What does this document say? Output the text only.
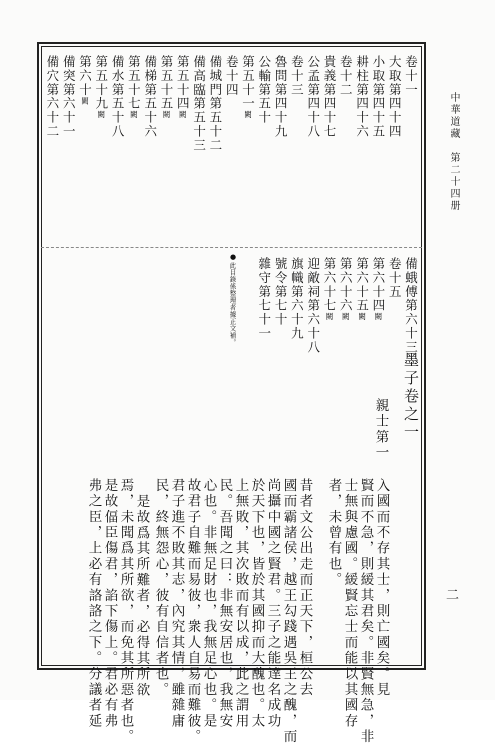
中華道藏　第二十四册
二
卷十一
大取第四十四
小取第四十五
耕柱第四十六
卷十二
貴義第四十七
公孟第四十八
卷十三
魯問第四十九
公輸第五十
第五十一闕
卷十四
備城門第五十二
備高臨第五十三
第五十四闕
第五十五闕
備梯第五十六
第五十七闕
備水第五十八
第五十九闕
第六十闕
備突第六十一
備穴第六十二
備蛾傅第六十三
卷十五
第六十四闕
第六十五闕
第六十六闕
第六十七闕
迎敵祠第六十八
旗幟第六十九
號令第七十
雜守第七十一
●
此目錄係整理者據正文補。
墨子卷之一
親士第一
入國而不存其士，則亡國矣。見
賢而不急，則緩其君矣。非賢無急，非
士無與慮國。緩賢忘士而能以其國存
者，未曾有也。
昔者文公出走而正天下，桓公去
國而霸諸侯，越王勾踐遇吳王之醜，而
尚攝中國之賢君。三子之能達名成功
於天下也，皆於其國抑而大醜也。太
上無敗，其次敗而有以成，此之謂用
民。吾聞之曰：非無安居也，我無安
心也。非無足財也，我無足心也。是
故君子自難而易彼，衆人自易而難彼。
君子進不敗其志，內究其情，雖雜庸
民，終無怨心，彼有自信者也。
是故爲其所難者，必得其所欲
焉，未聞爲其所欲，而免其所惡者也。
是故偪臣傷君，諂下傷上。君必有弗
弗之臣，上必有詻詻之下。分議者延
